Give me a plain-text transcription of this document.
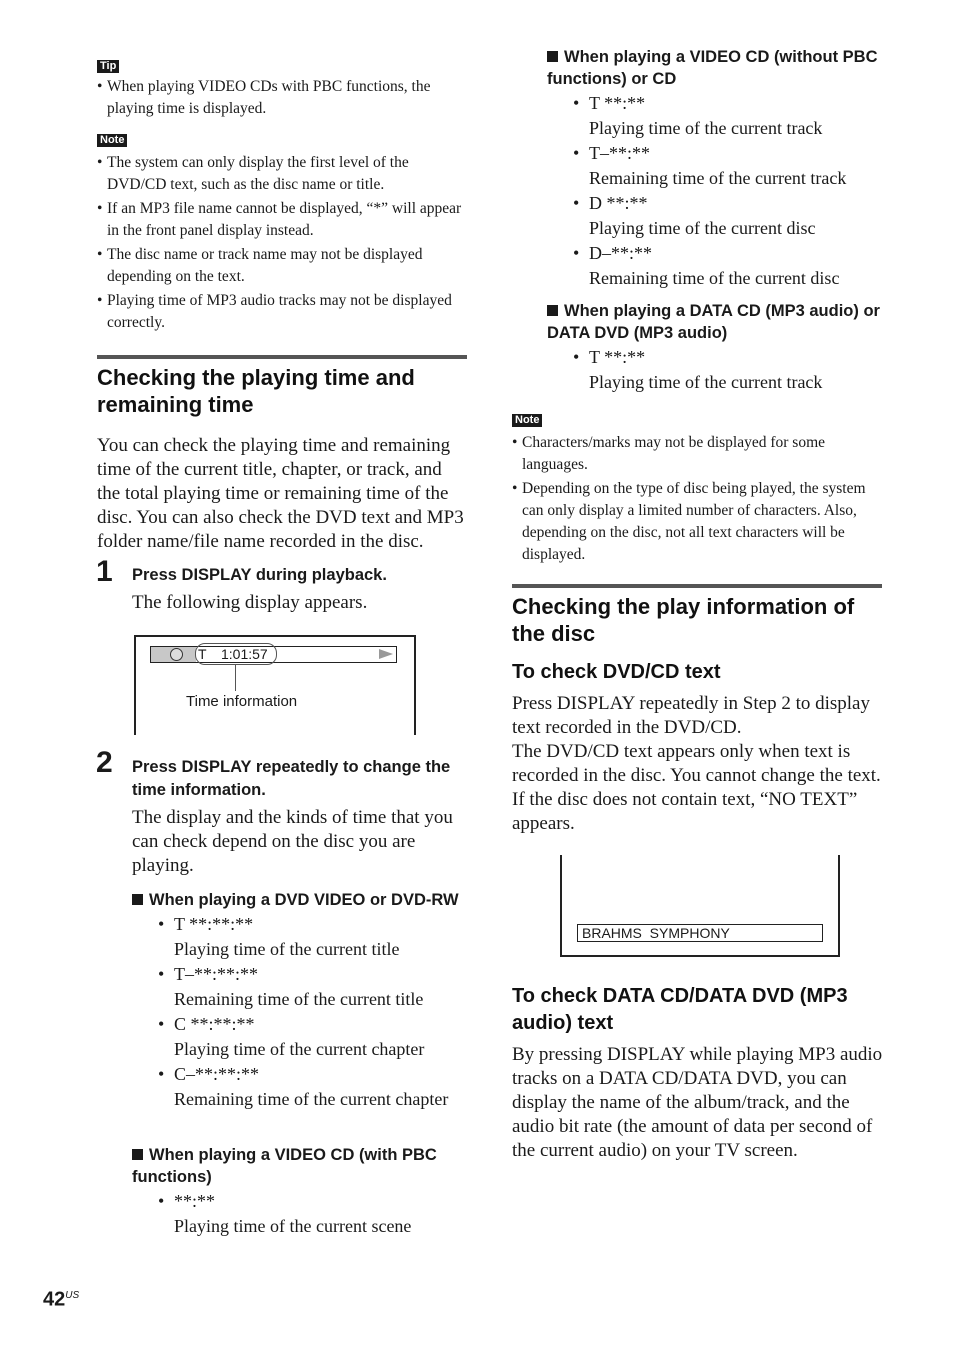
Tip
• When playing VIDEO CDs with PBC functions, the playing time is displayed.
Note
• The system can only display the first level of the DVD/CD text, such as the disc name or title.
• If an MP3 file name cannot be displayed, “*” will appear in the front panel display instead.
• The disc name or track name may not be displayed depending on the text.
• Playing time of MP3 audio tracks may not be displayed correctly.
Checking the playing time and remaining time
You can check the playing time and remaining time of the current title, chapter, or track, and the total playing time or remaining time of the disc. You can also check the DVD text and MP3 folder name/file name recorded in the disc.
1 Press DISPLAY during playback.
The following display appears.
T 1:01:57
Time information
2 Press DISPLAY repeatedly to change the time information.
The display and the kinds of time that you can check depend on the disc you are playing.
When playing a DVD VIDEO or DVD-RW
• T **:**:**
Playing time of the current title
• T–**:**:**
Remaining time of the current title
• C **:**:**
Playing time of the current chapter
• C–**:**:**
Remaining time of the current chapter
When playing a VIDEO CD (with PBC functions)
• **:**
Playing time of the current scene
When playing a VIDEO CD (without PBC functions) or CD
• T **:**
Playing time of the current track
• T–**:**
Remaining time of the current track
• D **:**
Playing time of the current disc
• D–**:**
Remaining time of the current disc
When playing a DATA CD (MP3 audio) or DATA DVD (MP3 audio)
• T **:**
Playing time of the current track
Note
• Characters/marks may not be displayed for some languages.
• Depending on the type of disc being played, the system can only display a limited number of characters. Also, depending on the disc, not all text characters will be displayed.
Checking the play information of the disc
To check DVD/CD text
Press DISPLAY repeatedly in Step 2 to display text recorded in the DVD/CD.
The DVD/CD text appears only when text is recorded in the disc. You cannot change the text. If the disc does not contain text, “NO TEXT” appears.
BRAHMS  SYMPHONY
To check DATA CD/DATA DVD (MP3 audio) text
By pressing DISPLAY while playing MP3 audio tracks on a DATA CD/DATA DVD, you can display the name of the album/track, and the audio bit rate (the amount of data per second of the current audio) on your TV screen.
$42^{US}$
